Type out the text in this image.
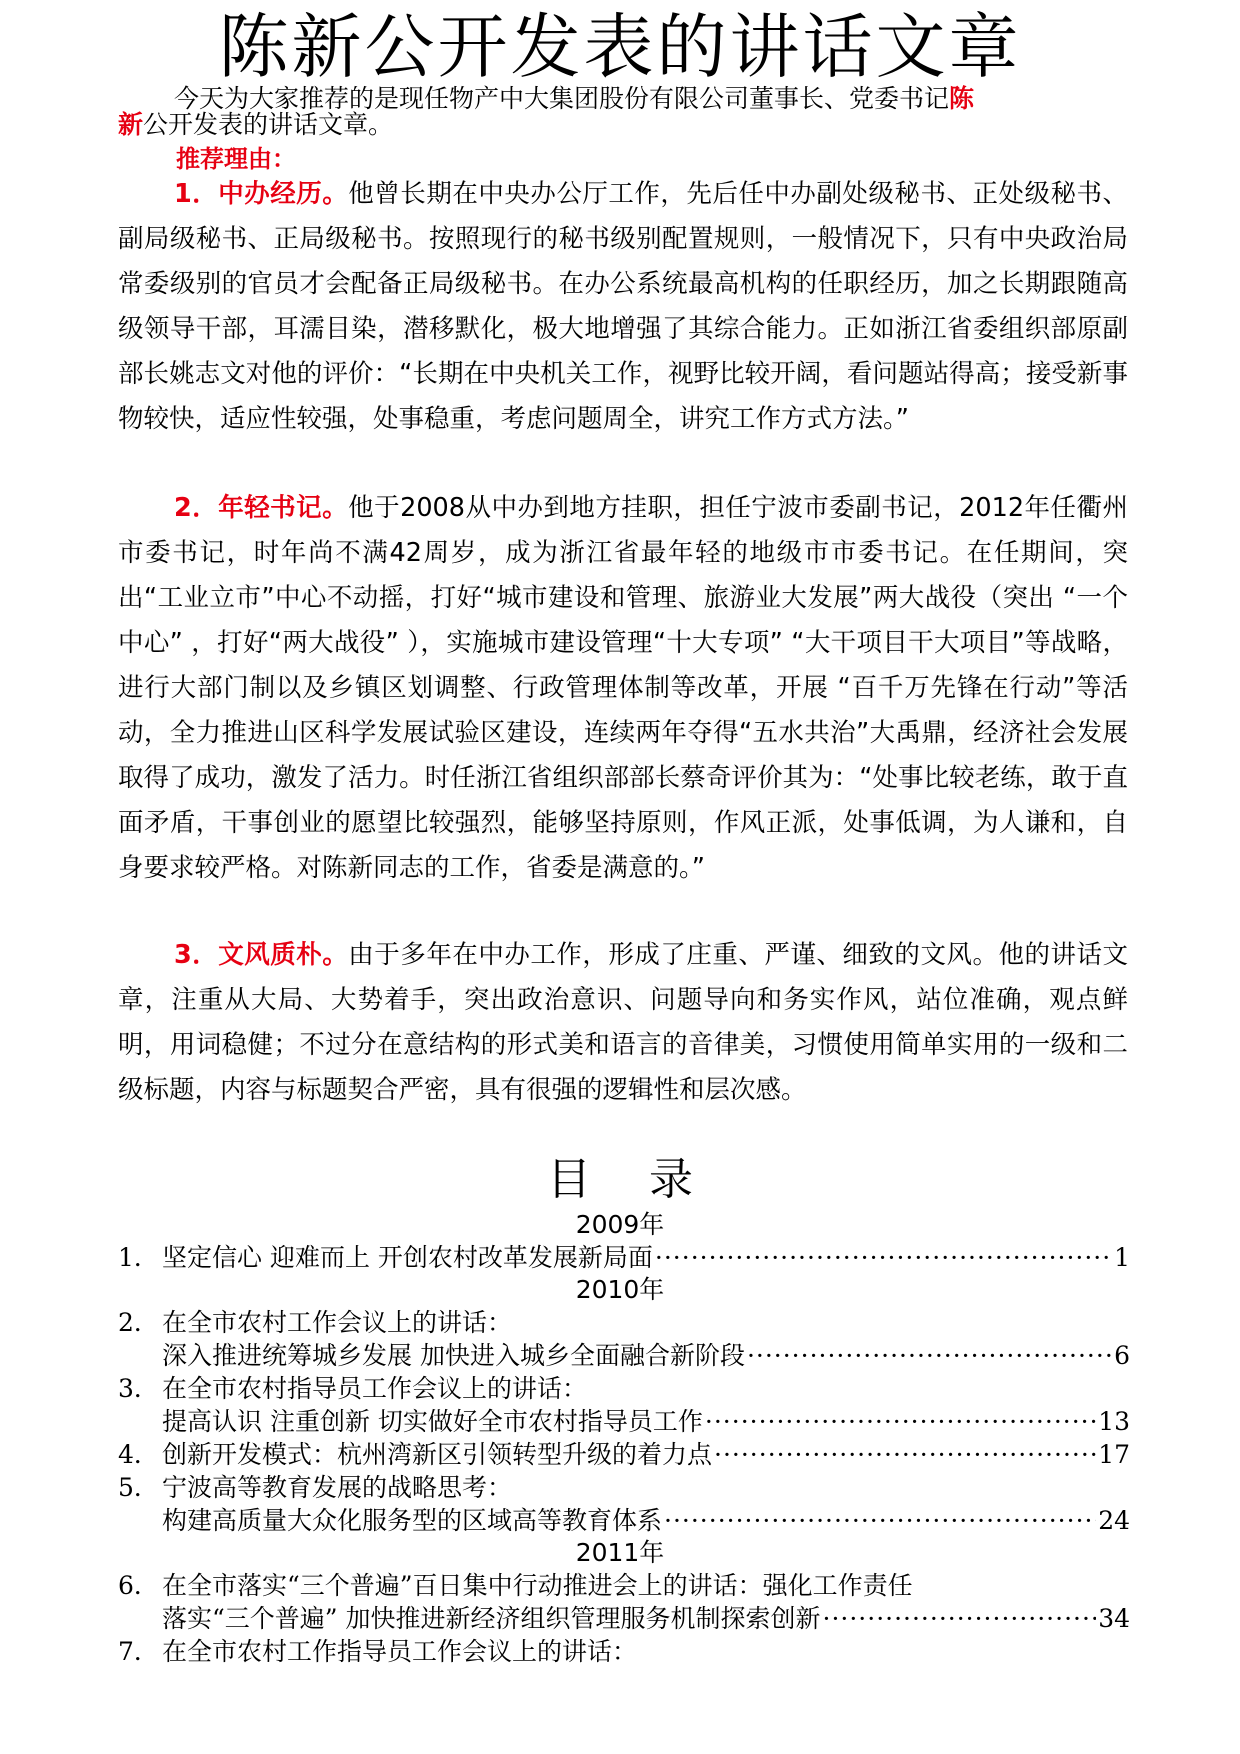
陈新公开发表的讲话文章
今天为大家推荐的是现任物产中大集团股份有限公司董事长、党委书记陈
新公开发表的讲话文章。
推荐理由：

1．中办经历。他曾长期在中央办公厅工作，先后任中办副处级秘书、正处级秘书、副局级秘书、正局级秘书。按照现行的秘书级别配置规则，一般情况下，只有中央政治局常委级别的官员才会配备正局级秘书。在办公系统最高机构的任职经历，加之长期跟随高级领导干部，耳濡目染，潜移默化，极大地增强了其综合能力。正如浙江省委组织部原副部长姚志文对他的评价：“长期在中央机关工作，视野比较开阔，看问题站得高；接受新事物较快，适应性较强，处事稳重，考虑问题周全，讲究工作方式方法。”

2．年轻书记。他于2008从中办到地方挂职，担任宁波市委副书记，2012年任衢州市委书记，时年尚不满42周岁，成为浙江省最年轻的地级市市委书记。在任期间，突出“工业立市”中心不动摇，打好“城市建设和管理、旅游业大发展”两大战役（突出 “一个中心” ，打好“两大战役” ），实施城市建设管理“十大专项” “大干项目干大项目”等战略，进行大部门制以及乡镇区划调整、行政管理体制等改革，开展 “百千万先锋在行动”等活动，全力推进山区科学发展试验区建设，连续两年夺得“五水共治”大禹鼎，经济社会发展取得了成功，激发了活力。时任浙江省组织部部长蔡奇评价其为：“处事比较老练，敢于直面矛盾，干事创业的愿望比较强烈，能够坚持原则，作风正派，处事低调，为人谦和，自身要求较严格。对陈新同志的工作，省委是满意的。”

3．文风质朴。由于多年在中办工作，形成了庄重、严谨、细致的文风。他的讲话文章，注重从大局、大势着手，突出政治意识、问题导向和务实作风，站位准确，观点鲜明，用词稳健；不过分在意结构的形式美和语言的音律美，习惯使用简单实用的一级和二级标题，内容与标题契合严密，具有很强的逻辑性和层次感。

目 录
2009年
1． 坚定信心 迎难而上 开创农村改革发展新局面 ·····	1
2010年
2． 在全市农村工作会议上的讲话：
深入推进统筹城乡发展 加快进入城乡全面融合新阶段 ·····	6
3． 在全市农村指导员工作会议上的讲话：
提高认识 注重创新 切实做好全市农村指导员工作 ·····	13
4． 创新开发模式：杭州湾新区引领转型升级的着力点 ·····	17
5． 宁波高等教育发展的战略思考：
构建高质量大众化服务型的区域高等教育体系 ·····	24
2011年
6． 在全市落实“三个普遍”百日集中行动推进会上的讲话：强化工作责任
落实“三个普遍” 加快推进新经济组织管理服务机制探索创新 ·····	34
7． 在全市农村工作指导员工作会议上的讲话：
